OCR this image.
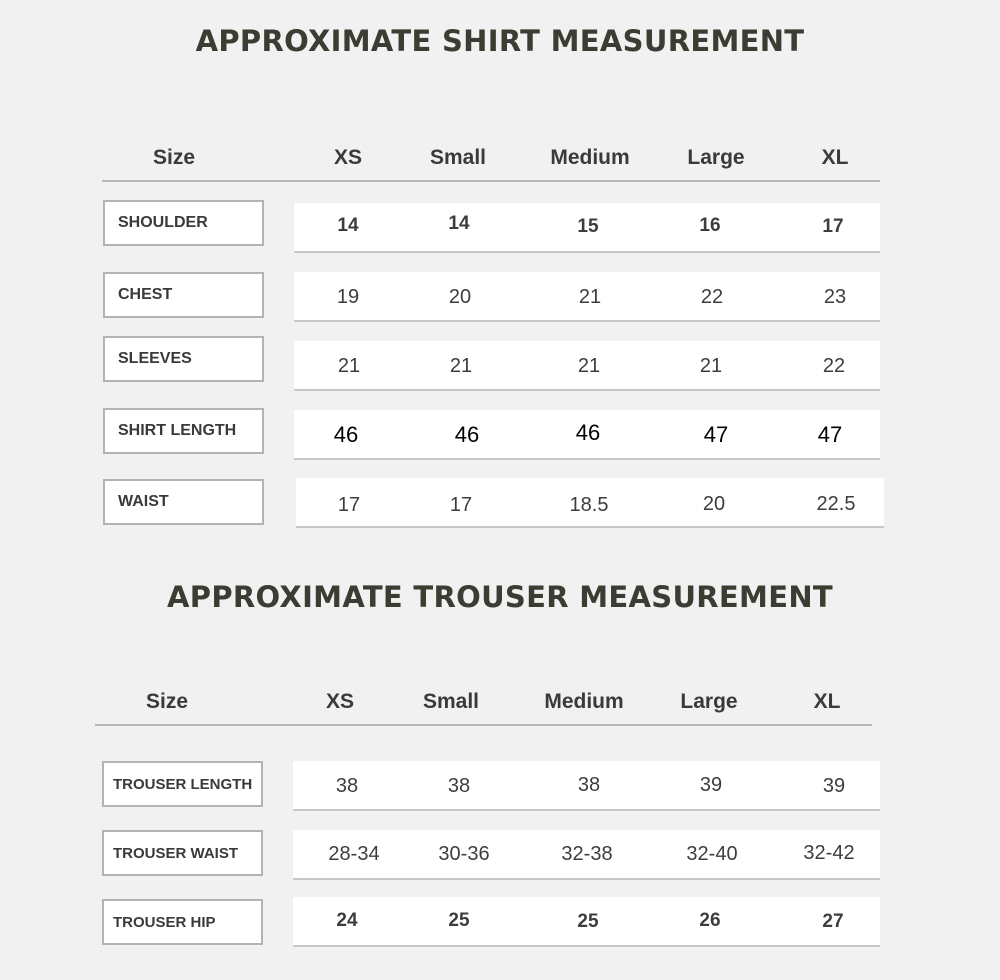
APPROXIMATE SHIRT MEASUREMENT
Size	XS	Small	Medium	Large	XL
SHOULDER	14	14	15	16	17
CHEST	19	20	21	22	23
SLEEVES	21	21	21	21	22
SHIRT LENGTH	46	46	46	47	47
WAIST	17	17	18.5	20	22.5
APPROXIMATE TROUSER MEASUREMENT
Size	XS	Small	Medium	Large	XL
TROUSER LENGTH	38	38	38	39	39
TROUSER WAIST	28-34	30-36	32-38	32-40	32-42
TROUSER HIP	24	25	25	26	27
